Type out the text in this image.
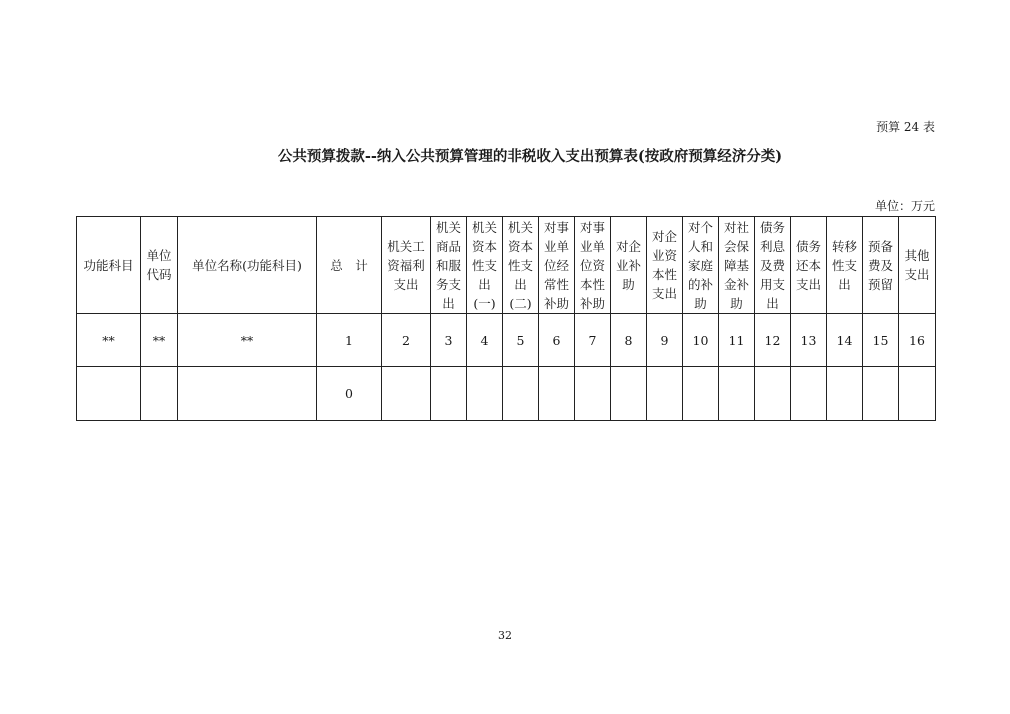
预算 24 表
公共预算拨款--纳入公共预算管理的非税收入支出预算表(按政府预算经济分类)
单位：万元
功能科目	单位代码	单位名称(功能科目)	总　计	机关工资福利支出	机关商品和服务支出	机关资本性支出(一)	机关资本性支出(二)	对事业单位经常性补助	对事业单位资本性补助	对企业补助	对企业资本性支出	对个人和家庭的补助	对社会保障基金补助	债务利息及费用支出	债务还本支出	转移性支出	预备费及预留	其他支出
**	**	**	1	2	3	4	5	6	7	8	9	10	11	12	13	14	15	16
			0															
32
